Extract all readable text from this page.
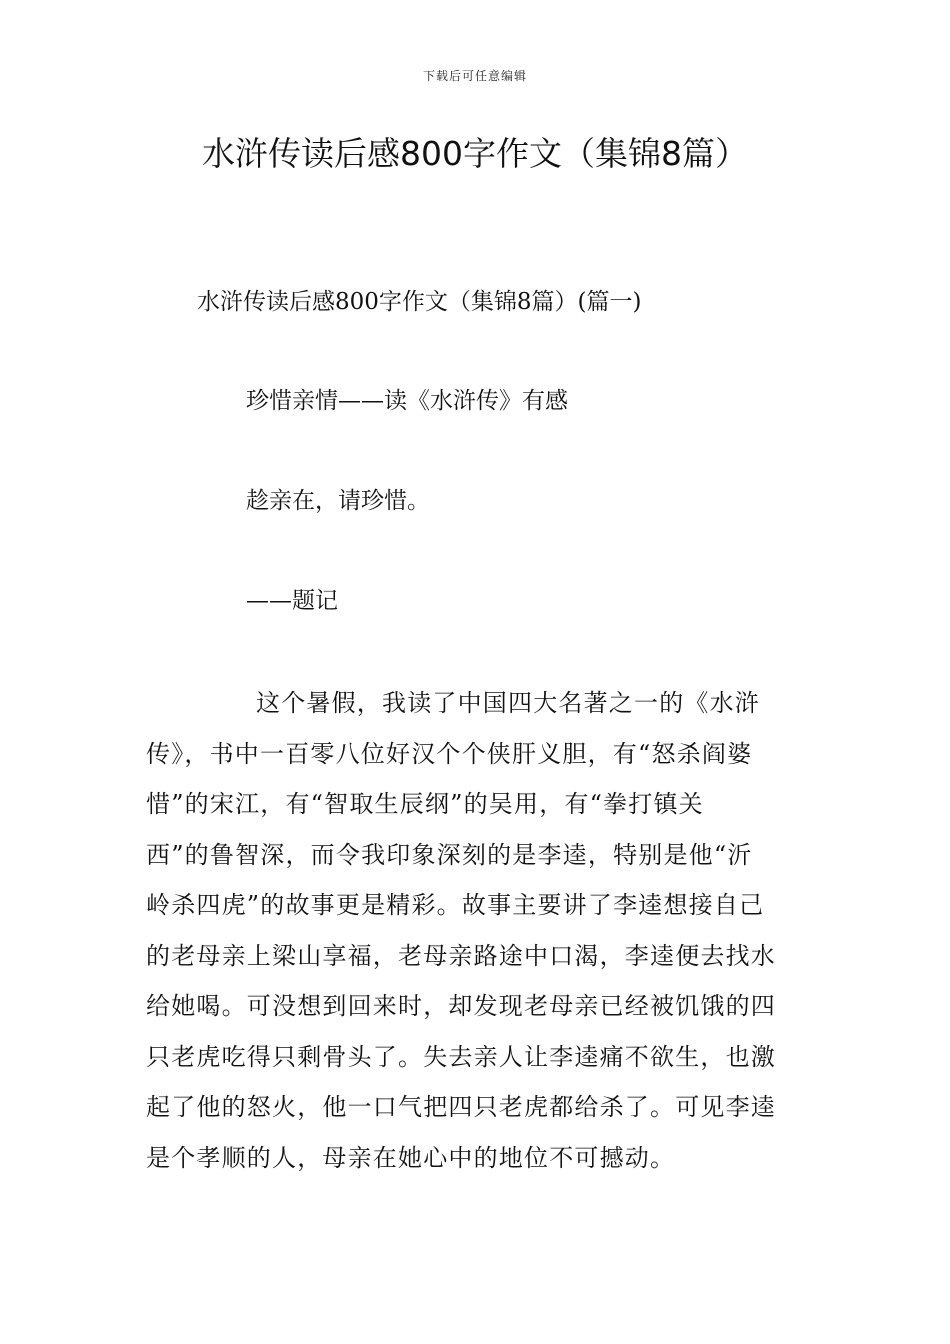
下载后可任意编辑
水浒传读后感800字作文（集锦8篇）
水浒传读后感800字作文（集锦8篇）(篇一)
珍惜亲情——读《水浒传》有感
趁亲在，请珍惜。
——题记

这个暑假，我读了中国四大名著之一的《水浒
传》，书中一百零八位好汉个个侠肝义胆，有“怒杀阎婆
惜”的宋江，有“智取生辰纲”的吴用，有“拳打镇关
西”的鲁智深，而令我印象深刻的是李逵，特别是他“沂
岭杀四虎”的故事更是精彩。故事主要讲了李逵想接自己
的老母亲上梁山享福，老母亲路途中口渴，李逵便去找水
给她喝。可没想到回来时，却发现老母亲已经被饥饿的四
只老虎吃得只剩骨头了。失去亲人让李逵痛不欲生，也激
起了他的怒火，他一口气把四只老虎都给杀了。可见李逵
是个孝顺的人，母亲在她心中的地位不可撼动。
